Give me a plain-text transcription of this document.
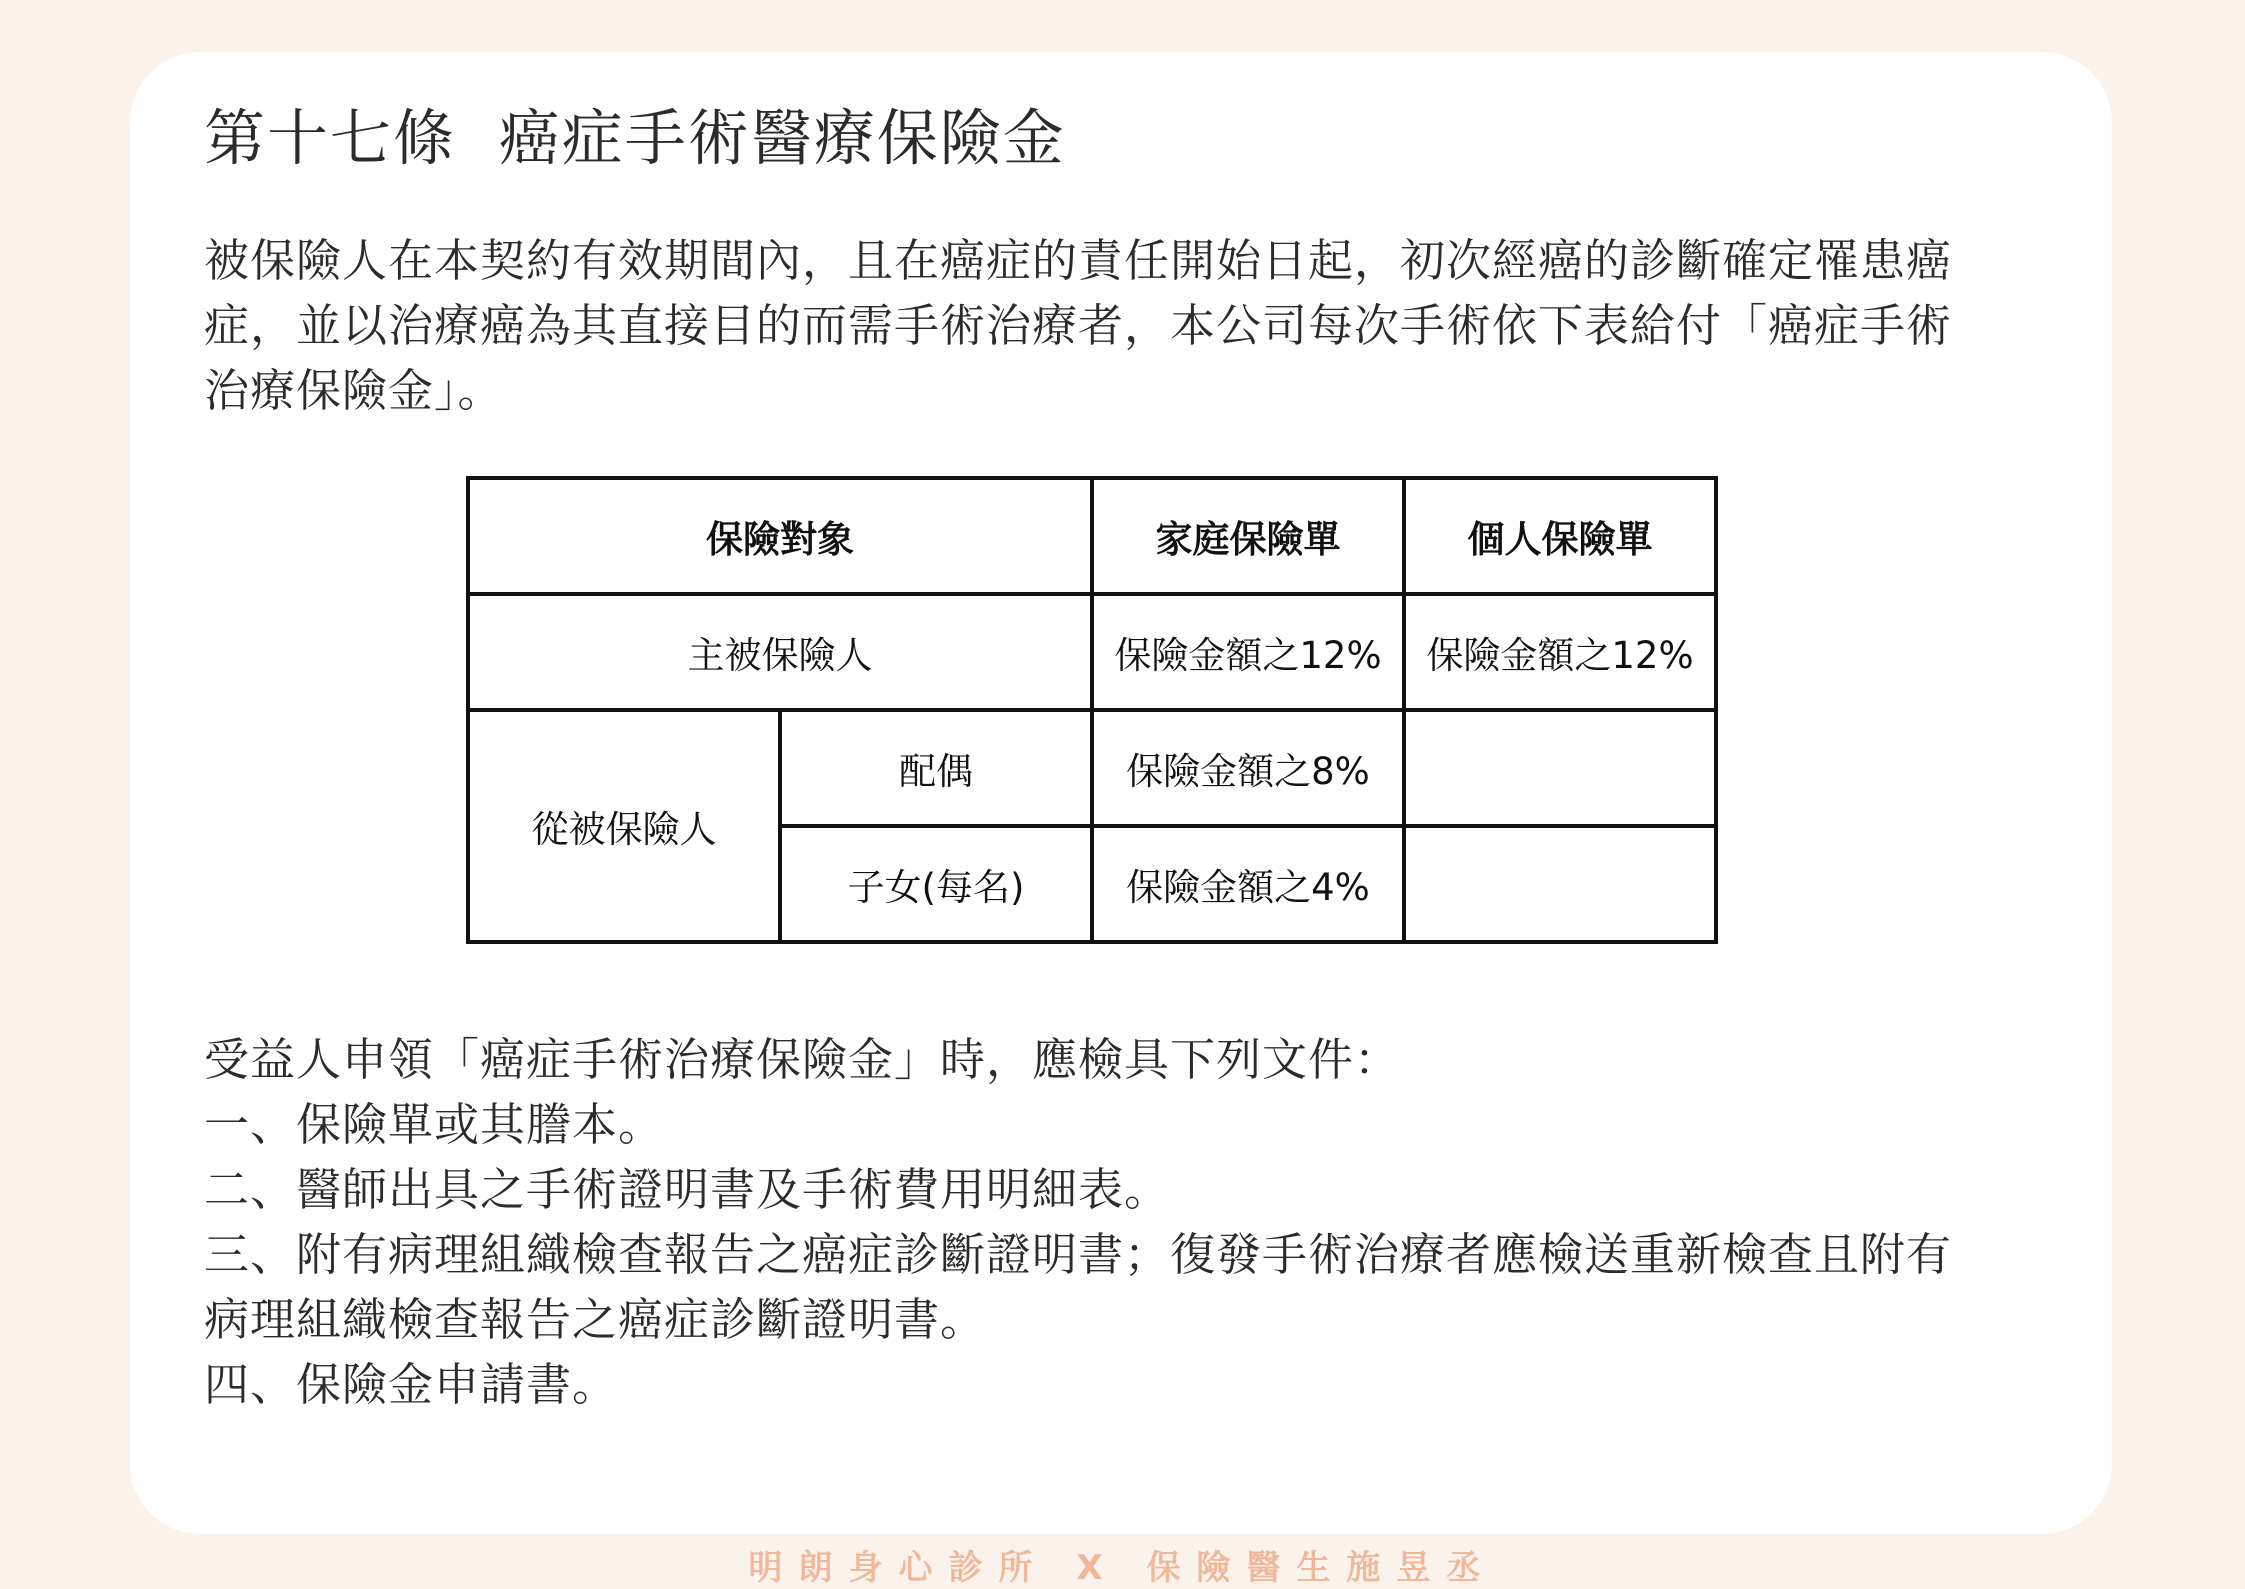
第十七條  癌症手術醫療保險金

被保險人在本契約有效期間內，且在癌症的責任開始日起，初次經癌的診斷確定罹患癌症，並以治療癌為其直接目的而需手術治療者，本公司每次手術依下表給付「癌症手術治療保險金」。

保險對象		家庭保險單	個人保險單
主被保險人		保險金額之12%	保險金額之12%
從被保險人	配偶	保險金額之8%	
	子女(每名)	保險金額之4%	
受益人申領「癌症手術治療保險金」時，應檢具下列文件：
一、保險單或其謄本。
二、醫師出具之手術證明書及手術費用明細表。
三、附有病理組織檢查報告之癌症診斷證明書；復發手術治療者應檢送重新檢查且附有病理組織檢查報告之癌症診斷證明書。
四、保險金申請書。
明朗身心診所 X 保險醫生施昱丞
